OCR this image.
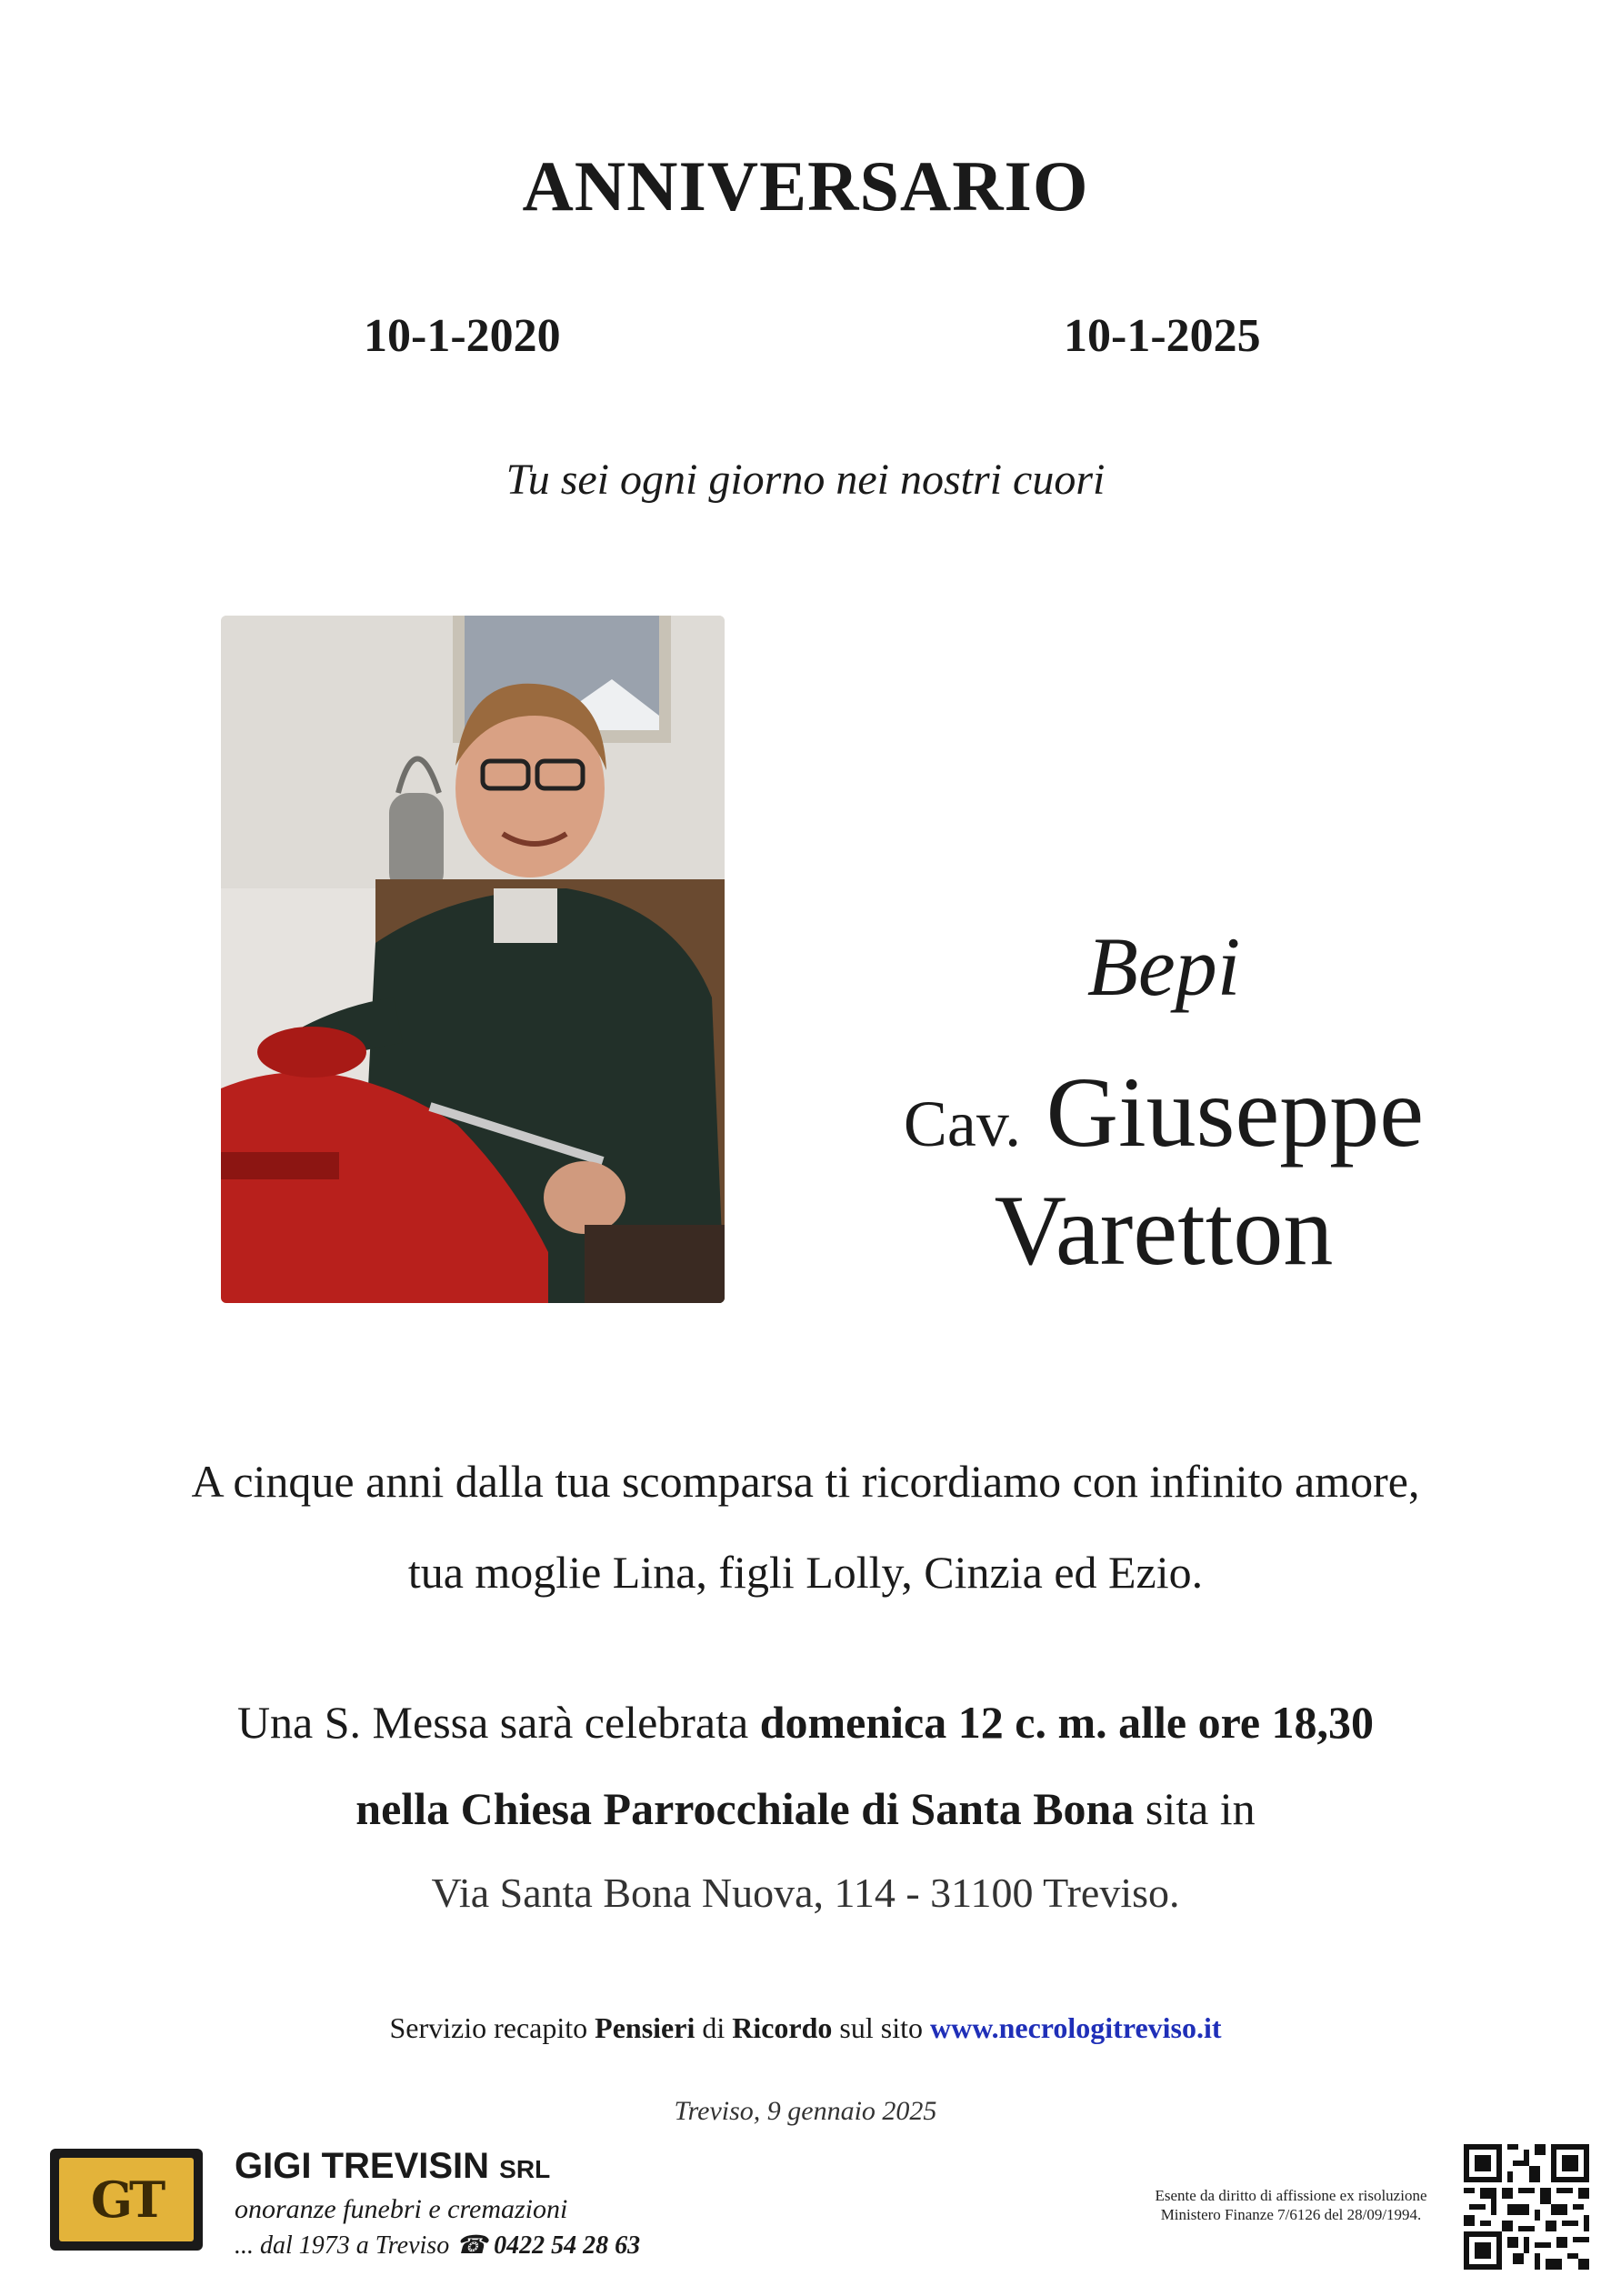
ANNIVERSARIO
10-1-2020	10-1-2025
Tu sei ogni giorno nei nostri cuori
Bepi
Cav. Giuseppe
Varetton
A cinque anni dalla tua scomparsa ti ricordiamo con infinito amore,
tua moglie Lina, figli Lolly, Cinzia ed Ezio.
Una S. Messa sarà celebrata domenica 12 c. m. alle ore 18,30
nella Chiesa Parrocchiale di Santa Bona sita in
Via Santa Bona Nuova, 114 - 31100 Treviso.
Servizio recapito Pensieri di Ricordo sul sito www.necrologitreviso.it
Treviso, 9 gennaio 2025
GT
GIGI TREVISIN SRL
onoranze funebri e cremazioni
... dal 1973 a Treviso ☎ 0422 54 28 63
Esente da diritto di affissione ex risoluzione
Ministero Finanze 7/6126 del 28/09/1994.
